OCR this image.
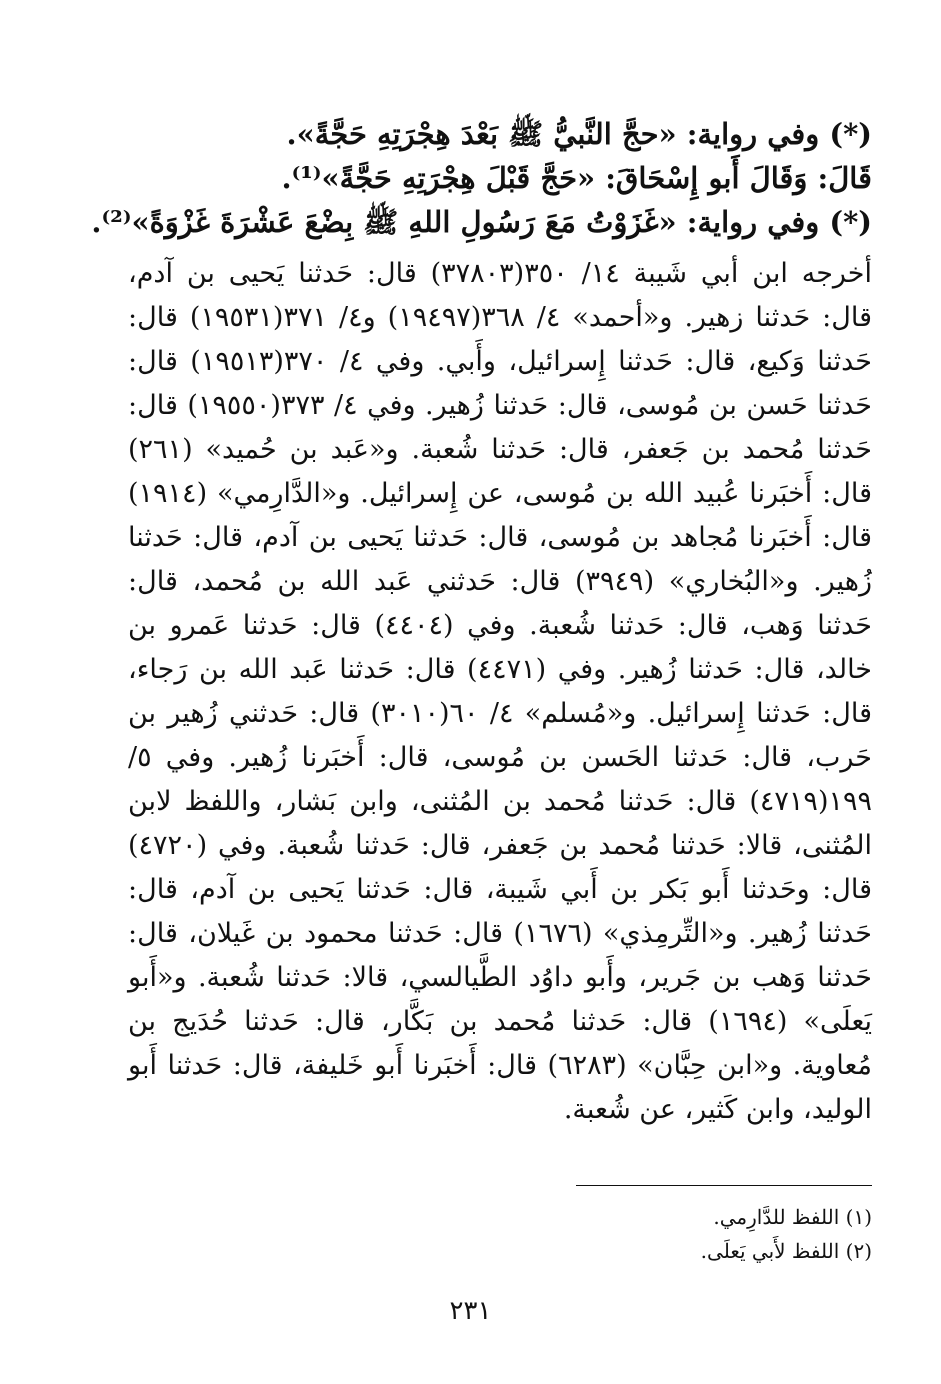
(*) وفي رواية: «حجَّ النَّبيُّ ﷺ بَعْدَ هِجْرَتِهِ حَجَّةً».

قَالَ: وَقَالَ أَبو إِسْحَاقَ: «حَجَّ قَبْلَ هِجْرَتِهِ حَجَّةً»⁽¹⁾.

(*) وفي رواية: «غَزَوْتُ مَعَ رَسُولِ اللهِ ﷺ بِضْعَ عَشْرَةَ غَزْوَةً»⁽²⁾.

أخرجه ابن أبي شَيبة ١٤/ ٣٥٠(٣٧٨٠٣) قال: حَدثنا يَحيى بن آدم، قال: حَدثنا زهير. و«أحمد» ٤/ ٣٦٨(١٩٤٩٧) و٤/ ٣٧١(١٩٥٣١) قال: حَدثنا وَكيع، قال: حَدثنا إِسرائيل، وأَبي. وفي ٤/ ٣٧٠(١٩٥١٣) قال: حَدثنا حَسن بن مُوسى، قال: حَدثنا زُهير. وفي ٤/ ٣٧٣(١٩٥٥٠) قال: حَدثنا مُحمد بن جَعفر، قال: حَدثنا شُعبة. و«عَبد بن حُميد» (٢٦١) قال: أَخبَرنا عُبيد الله بن مُوسى، عن إِسرائيل. و«الدَّارِمي» (١٩١٤) قال: أَخبَرنا مُجاهد بن مُوسى، قال: حَدثنا يَحيى بن آدم، قال: حَدثنا زُهير. و«البُخاري» (٣٩٤٩) قال: حَدثني عَبد الله بن مُحمد، قال: حَدثنا وَهب، قال: حَدثنا شُعبة. وفي (٤٤٠٤) قال: حَدثنا عَمرو بن خالد، قال: حَدثنا زُهير. وفي (٤٤٧١) قال: حَدثنا عَبد الله بن رَجاء، قال: حَدثنا إِسرائيل. و«مُسلم» ٤/ ٦٠(٣٠١٠) قال: حَدثني زُهير بن حَرب، قال: حَدثنا الحَسن بن مُوسى، قال: أَخبَرنا زُهير. وفي ٥/ ١٩٩(٤٧١٩) قال: حَدثنا مُحمد بن المُثنى، وابن بَشار، واللفظ لابن المُثنى، قالا: حَدثنا مُحمد بن جَعفر، قال: حَدثنا شُعبة. وفي (٤٧٢٠) قال: وحَدثنا أَبو بَكر بن أَبي شَيبة، قال: حَدثنا يَحيى بن آدم، قال: حَدثنا زُهير. و«التِّرمِذي» (١٦٧٦) قال: حَدثنا محمود بن غَيلان، قال: حَدثنا وَهب بن جَرير، وأَبو داوُد الطَّيالسي، قالا: حَدثنا شُعبة. و«أَبو يَعلَى» (١٦٩٤) قال: حَدثنا مُحمد بن بَكَّار، قال: حَدثنا حُدَيج بن مُعاوية. و«ابن حِبَّان» (٦٢٨٣) قال: أَخبَرنا أَبو خَليفة، قال: حَدثنا أَبو الوليد، وابن كَثير، عن شُعبة.

(١) اللفظ للدَّارِمي.

(٢) اللفظ لأَبي يَعلَى.

٢٣١
